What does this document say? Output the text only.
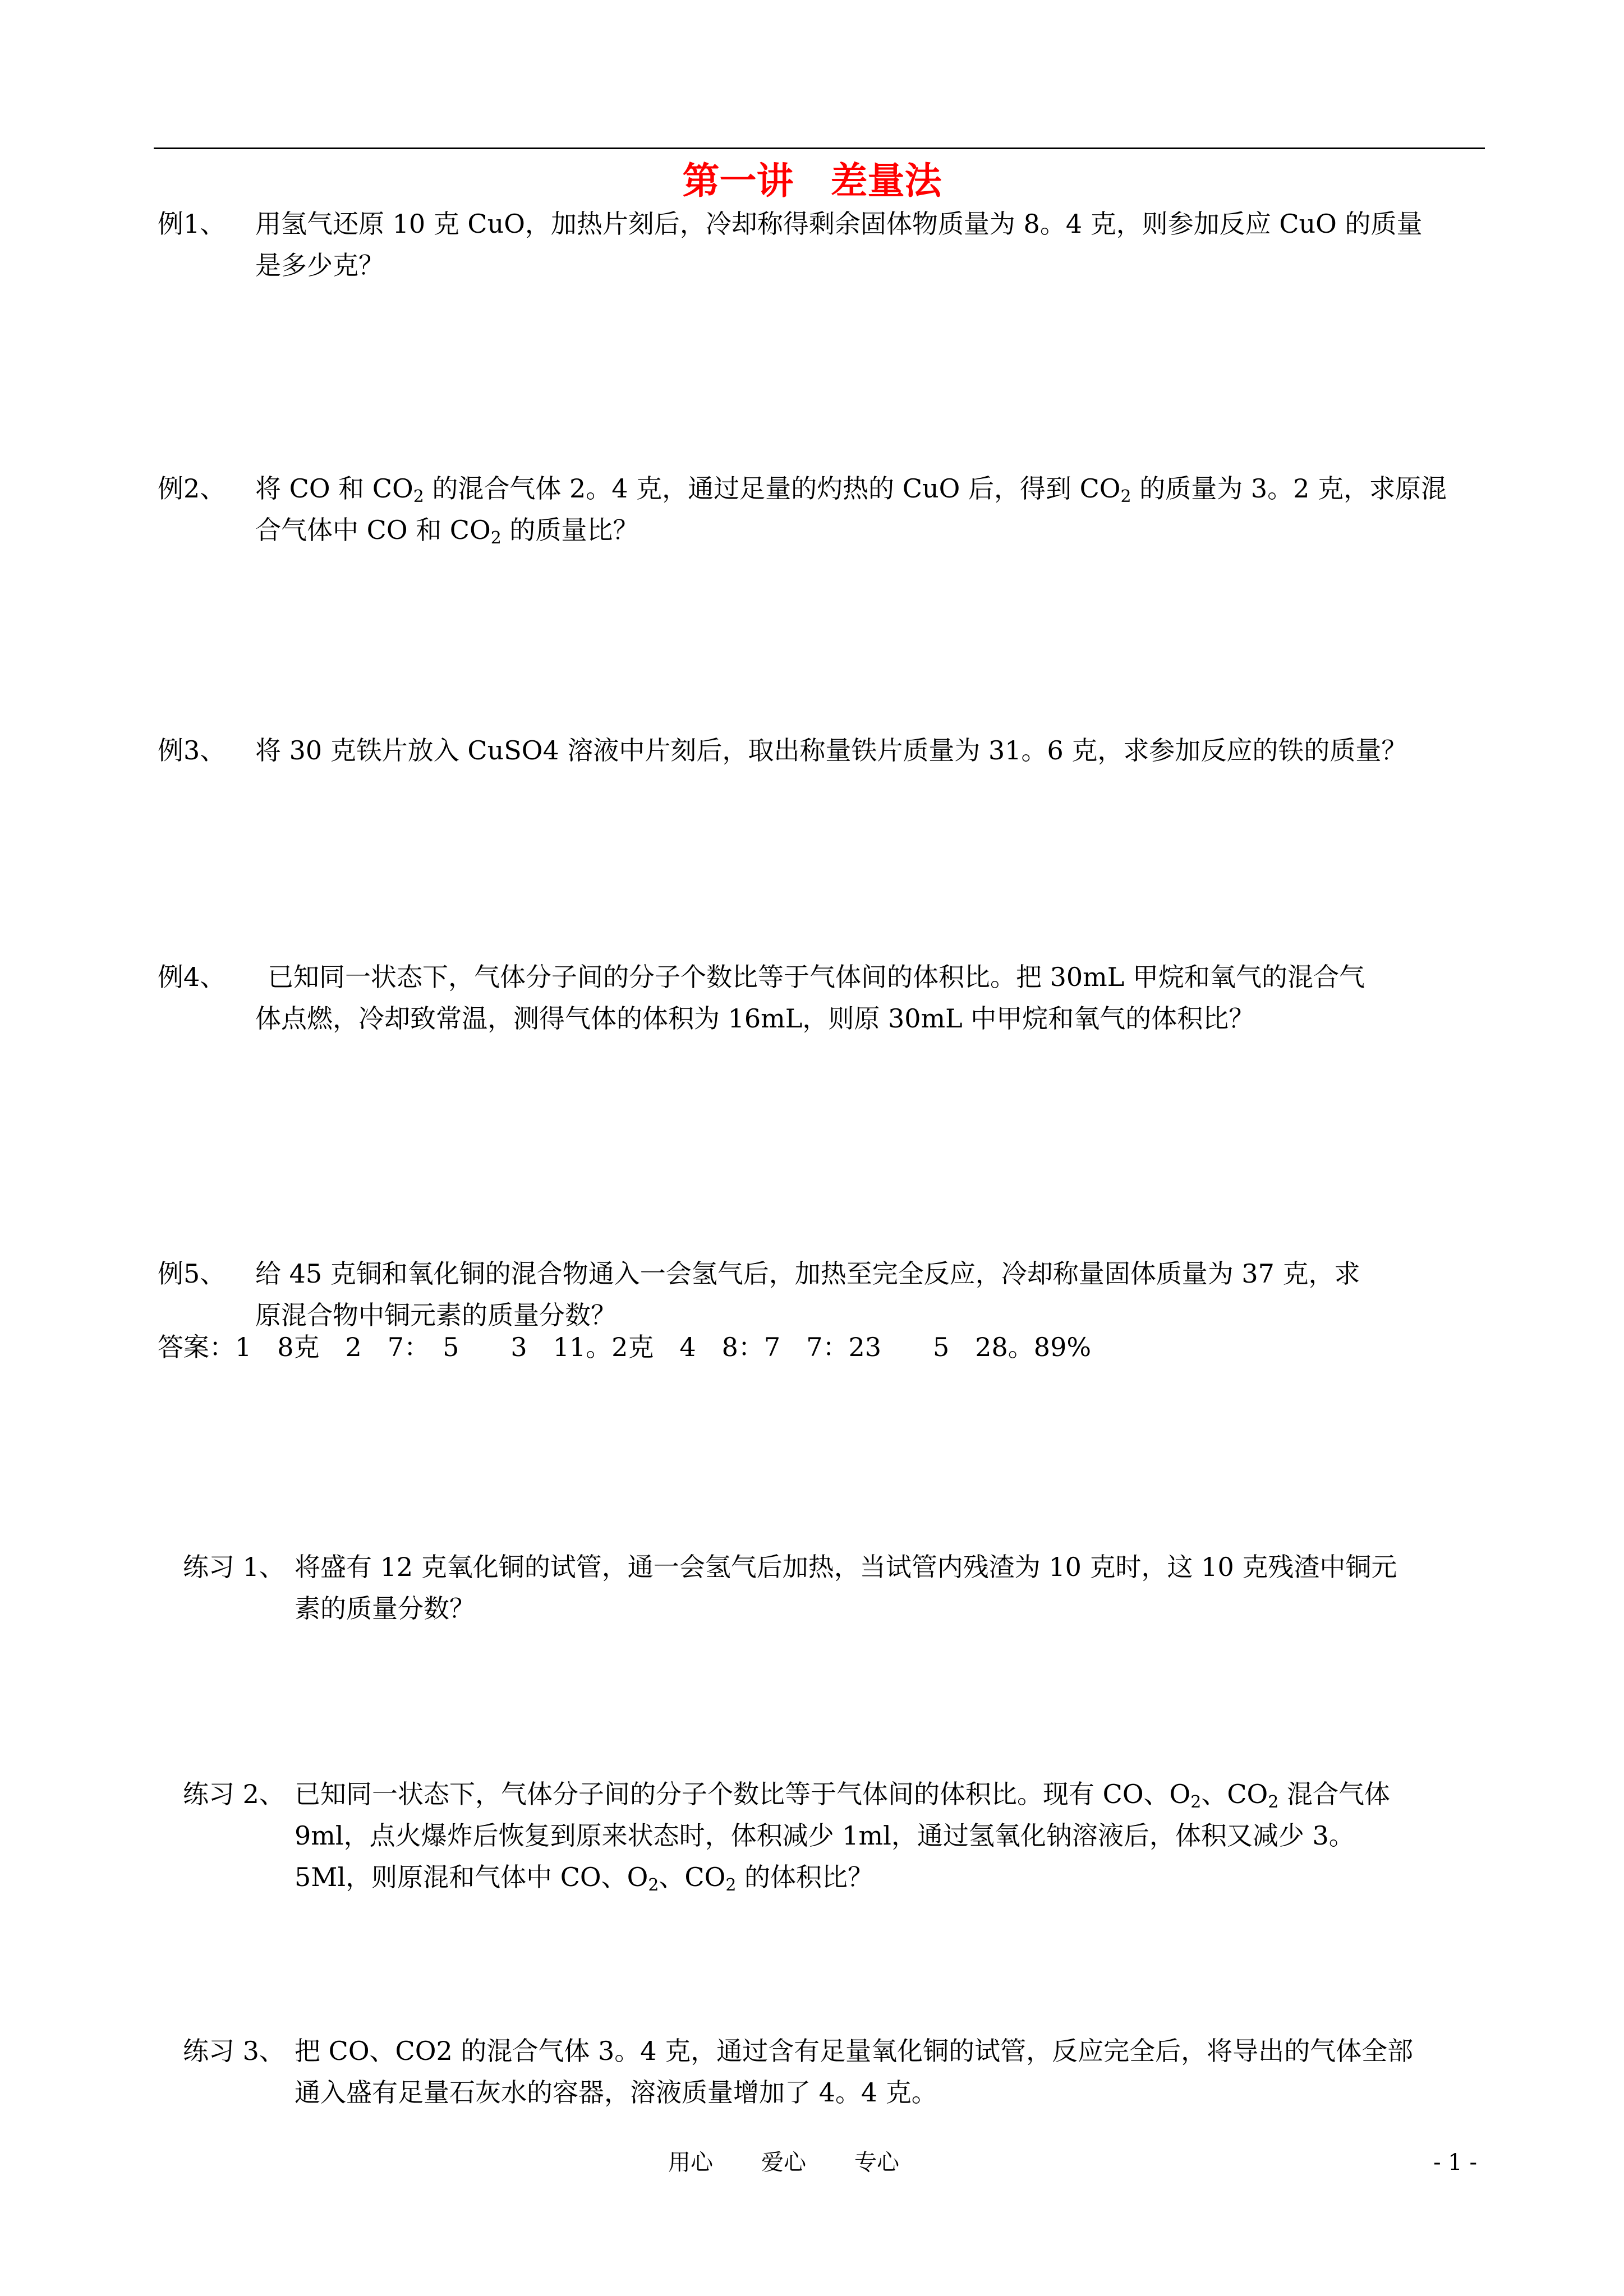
第一讲　差量法
例1、 用氢气还原 10 克 CuO，加热片刻后，冷却称得剩余固体物质量为 8。4 克，则参加反应 CuO 的质量
是多少克？
例2、 将 CO 和 $CO_2$ 的混合气体 2。4 克，通过足量的灼热的 CuO 后，得到 $CO_2$ 的质量为 3。2 克，求原混
合气体中 CO 和 $CO_2$ 的质量比？
例3、 将 30 克铁片放入 CuSO4 溶液中片刻后，取出称量铁片质量为 31。6 克，求参加反应的铁的质量？
例4、 已知同一状态下，气体分子间的分子个数比等于气体间的体积比。把 30mL 甲烷和氧气的混合气
体点燃，冷却致常温，测得气体的体积为 16mL，则原 30mL 中甲烷和氧气的体积比？
例5、 给 45 克铜和氧化铜的混合物通入一会氢气后，加热至完全反应，冷却称量固体质量为 37 克，求
原混合物中铜元素的质量分数？
答案：1　8克　2　7：　5　　3　11。2克　4　8：7　7：23　　5　28。89%
练习 1、 将盛有 12 克氧化铜的试管，通一会氢气后加热，当试管内残渣为 10 克时，这 10 克残渣中铜元
素的质量分数？
练习 2、 已知同一状态下，气体分子间的分子个数比等于气体间的体积比。现有 CO、$O_2$、$CO_2$ 混合气体
9ml，点火爆炸后恢复到原来状态时，体积减少 1ml，通过氢氧化钠溶液后，体积又减少 3。
5Ml，则原混和气体中 CO、$O_2$、$CO_2$ 的体积比？
练习 3、 把 CO、CO2 的混合气体 3。4 克，通过含有足量氧化铜的试管，反应完全后，将导出的气体全部
通入盛有足量石灰水的容器，溶液质量增加了 4。4 克。
用心 爱心 专心	- 1 -
